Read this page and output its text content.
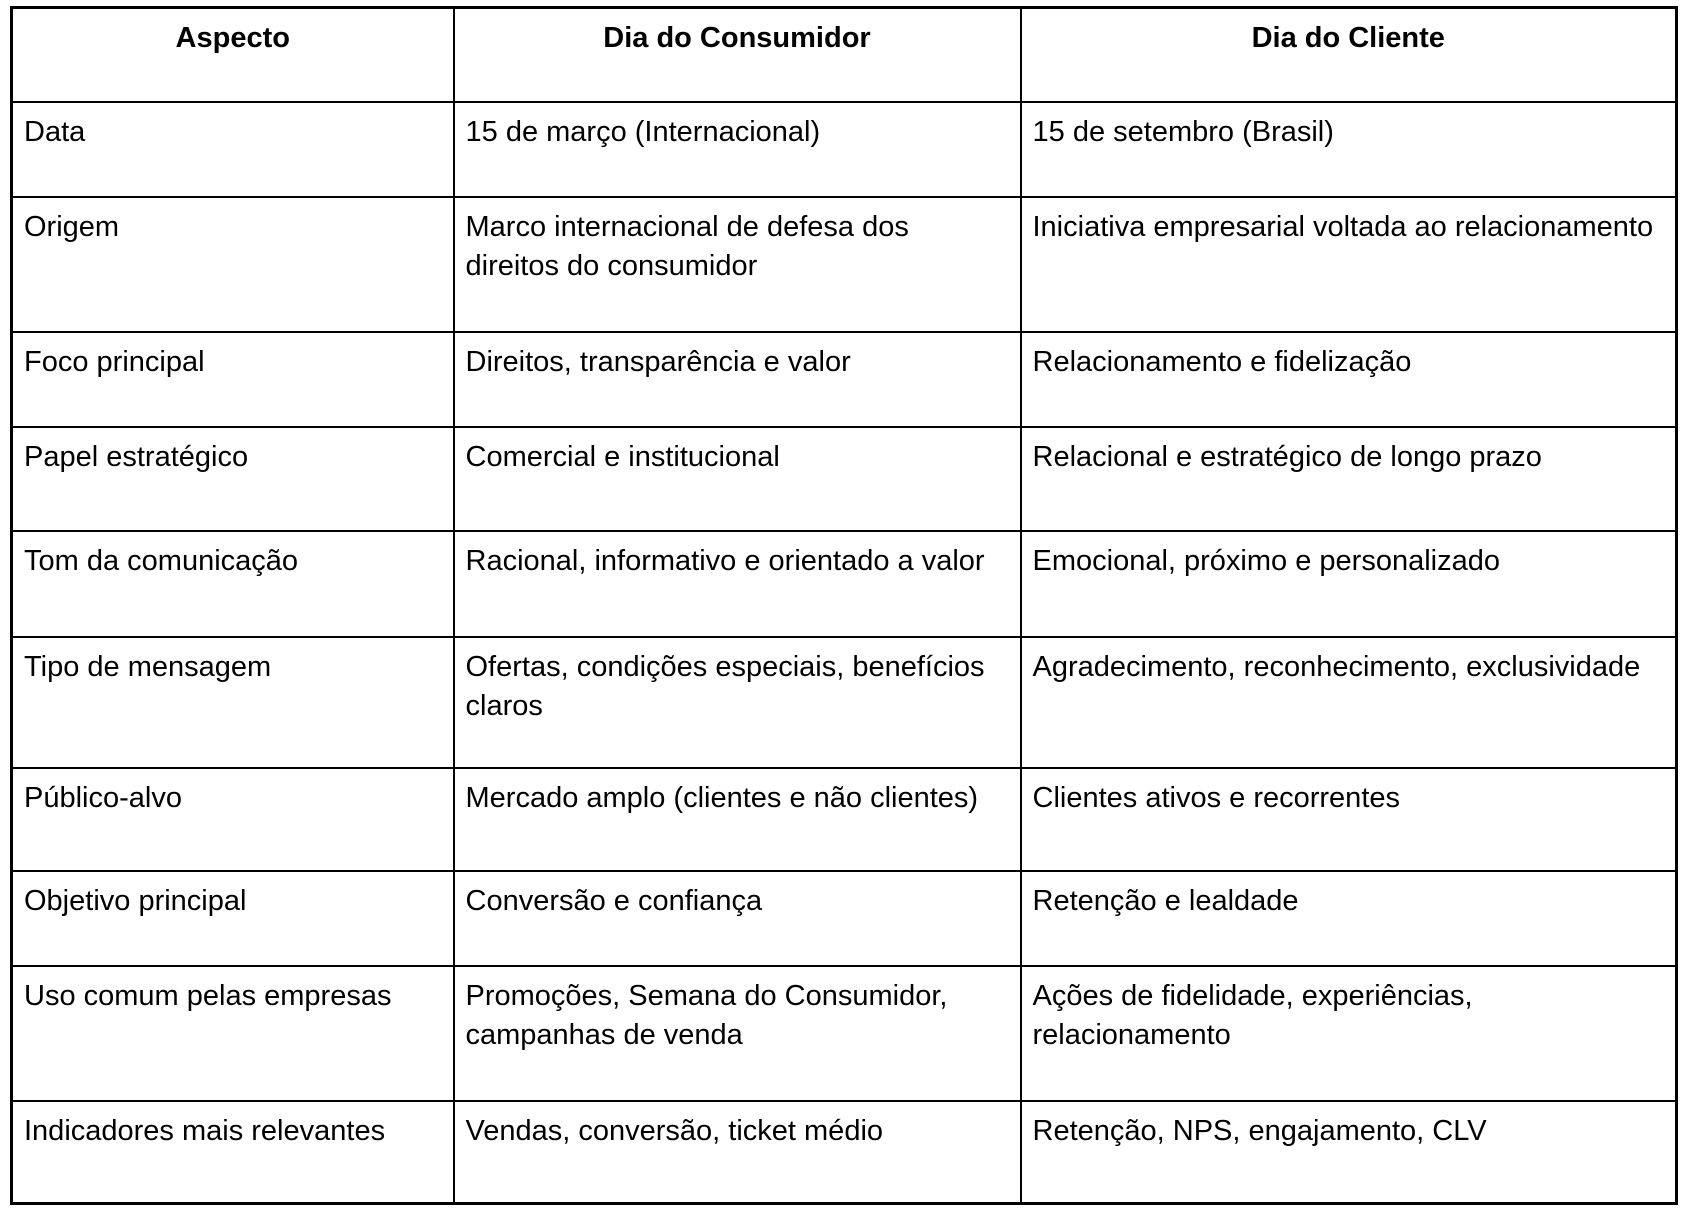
Aspecto	Dia do Consumidor	Dia do Cliente
Data	15 de março (Internacional)	15 de setembro (Brasil)
Origem	Marco internacional de defesa dos direitos do consumidor	Iniciativa empresarial voltada ao relacionamento
Foco principal	Direitos, transparência e valor	Relacionamento e fidelização
Papel estratégico	Comercial e institucional	Relacional e estratégico de longo prazo
Tom da comunicação	Racional, informativo e orientado a valor	Emocional, próximo e personalizado
Tipo de mensagem	Ofertas, condições especiais, benefícios claros	Agradecimento, reconhecimento, exclusividade
Público-alvo	Mercado amplo (clientes e não clientes)	Clientes ativos e recorrentes
Objetivo principal	Conversão e confiança	Retenção e lealdade
Uso comum pelas empresas	Promoções, Semana do Consumidor, campanhas de venda	Ações de fidelidade, experiências, relacionamento
Indicadores mais relevantes	Vendas, conversão, ticket médio	Retenção, NPS, engajamento, CLV
